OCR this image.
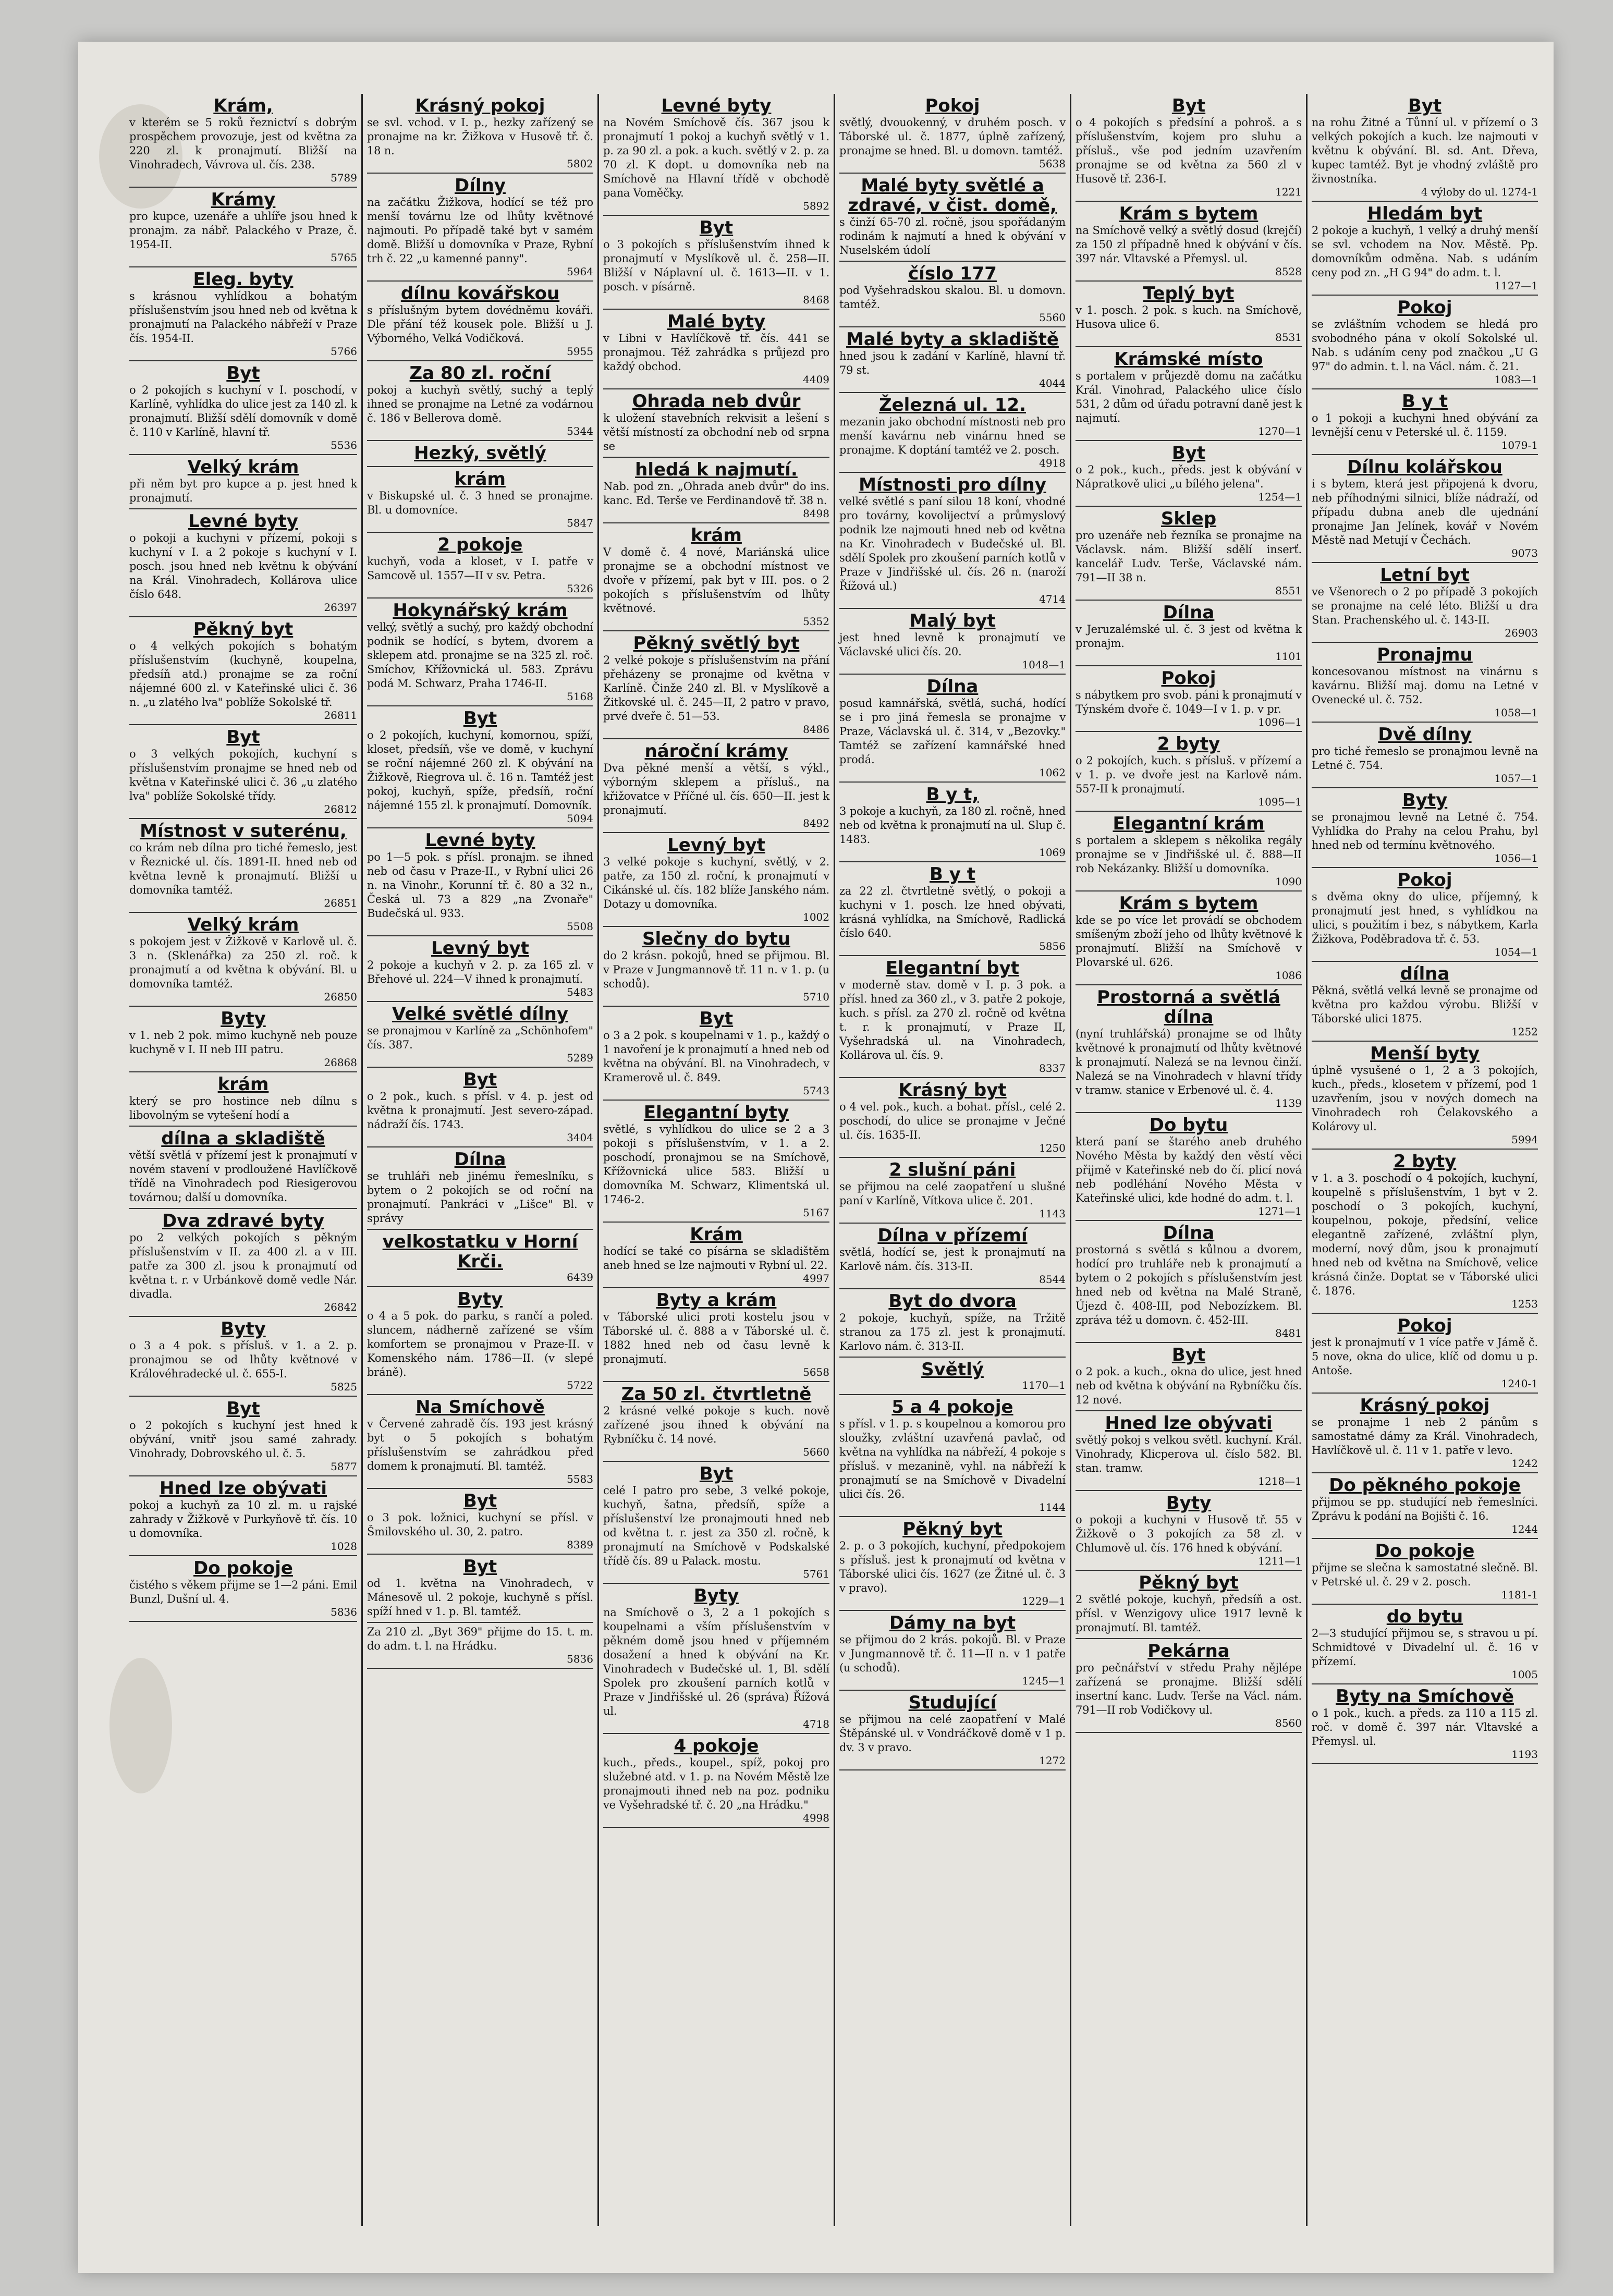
Krám,

v kterém se 5 roků řeznictví s dobrým prospěchem provozuje, jest od května za 220 zl. k pronajmutí. Bližší na Vinohradech, Vávrova ul. čís. 238.

5789
Krámy

pro kupce, uzenáře a uhlíře jsou hned k pronajm. za nábř. Palackého v Praze, č. 1954-II.

5765
Eleg. byty

s krásnou vyhlídkou a bohatým příslušenstvím jsou hned neb od května k pronajmutí na Palackého nábřeží v Praze čís. 1954-II.

5766
Byt

o 2 pokojích s kuchyní v I. poschodí, v Karlíně, vyhlídka do ulice jest za 140 zl. k pronajmutí. Bližší sdělí domovník v domě č. 110 v Karlíně, hlavní tř.

5536
Velký krám

při něm byt pro kupce a p. jest hned k pronajmutí.

Levné byty

o pokoji a kuchyni v přízemí, pokoji s kuchyní v I. a 2 pokoje s kuchyní v I. posch. jsou hned neb květnu k obývání na Král. Vinohradech, Kollárova ulice číslo 648.

26397
Pěkný byt

o 4 velkých pokojích s bohatým příslušenstvím (kuchyně, koupelna, předsíň atd.) pronajme se za roční nájemné 600 zl. v Kateřinské ulici č. 36 n. „u zlatého lva" poblíže Sokolské tř.

26811
Byt

o 3 velkých pokojích, kuchyní s příslušenstvím pronajme se hned neb od května v Kateřinské ulici č. 36 „u zlatého lva" poblíže Sokolské třídy.

26812
Místnost v suterénu,

co krám neb dílna pro tiché řemeslo, jest v Řeznické ul. čís. 1891-II. hned neb od května levně k pronajmutí. Bližší u domovníka tamtéž.

26851
Velký krám

s pokojem jest v Žižkově v Karlově ul. č. 3 n. (Sklenářka) za 250 zl. roč. k pronajmutí a od května k obývání. Bl. u domovníka tamtéž.

26850
Byty

v 1. neb 2 pok. mimo kuchyně neb pouze kuchyně v I. II neb III patru.

26868
krám

který se pro hostince neb dílnu s libovolným se vytešení hodí a

dílna a skladiště

větší světlá v přízemí jest k pronajmutí v novém stavení v prodloužené Havlíčkově třídě na Vinohradech pod Riesigerovou továrnou; další u domovníka.

Dva zdravé byty

po 2 velkých pokojích s pěkným příslušenstvím v II. za 400 zl. a v III. patře za 300 zl. jsou k pronajmutí od května t. r. v Urbánkově domě vedle Nár. divadla.

26842
Byty

o 3 a 4 pok. s přísluš. v 1. a 2. p. pronajmou se od lhůty květnové v Královéhradecké ul. č. 655-I.

5825
Byt

o 2 pokojích s kuchyní jest hned k obývání, vnitř jsou samé zahrady. Vinohrady, Dobrovského ul. č. 5.

5877
Hned lze obývati

pokoj a kuchyň za 10 zl. m. u rajské zahrady v Žižkově v Purkyňově tř. čís. 10 u domovníka.

1028
Do pokoje

čistého s věkem přijme se 1—2 páni. Emil Bunzl, Dušní ul. 4.

5836
Krásný pokoj

se svl. vchod. v I. p., hezky zařízený se pronajme na kr. Žižkova v Husově tř. č. 18 n.

5802
Dílny

na začátku Žižkova, hodící se též pro menší továrnu lze od lhůty květnové najmouti. Po případě také byt v samém domě. Bližší u domovníka v Praze, Rybní trh č. 22 „u kamenné panny".

5964
dílnu kovářskou

s příslušným bytem dovédněmu kováři. Dle přání též kousek pole. Bližší u J. Výborného, Velká Vodičková.

5955
Za 80 zl. roční

pokoj a kuchyň světlý, suchý a teplý ihned se pronajme na Letné za vodárnou č. 186 v Bellerova domě.

5344
Hezký, světlý

krám

v Biskupské ul. č. 3 hned se pronajme. Bl. u domovníce.

5847
2 pokoje

kuchyň, voda a kloset, v I. patře v Samcově ul. 1557—II v sv. Petra.

5326
Hokynářský krám

velký, světlý a suchý, pro každý obchodní podnik se hodící, s bytem, dvorem a sklepem atd. pronajme se na 325 zl. roč. Smíchov, Křížovnická ul. 583. Zprávu podá M. Schwarz, Praha 1746-II.

5168
Byt

o 2 pokojích, kuchyní, komornou, spíží, kloset, předsíň, vše ve domě, v kuchyní se roční nájemné 260 zl. K obývání na Žižkově, Riegrova ul. č. 16 n. Tamtéž jest pokoj, kuchyň, spíže, předsíň, roční nájemné 155 zl. k pronajmutí. Domovník.

5094
Levné byty

po 1—5 pok. s přísl. pronajm. se ihned neb od času v Praze-II., v Rybní ulici 26 n. na Vinohr., Korunní tř. č. 80 a 32 n., Česká ul. 73 a 829 „na Zvonaře" Budečská ul. 933.

5508
Levný byt

2 pokoje a kuchyň v 2. p. za 165 zl. v Břehové ul. 224—V ihned k pronajmutí.

5483
Velké světlé dílny

se pronajmou v Karlíně za „Schönhofem" čís. 387.

5289
Byt

o 2 pok., kuch. s přísl. v 4. p. jest od května k pronajmutí. Jest severo-západ. nádraží čís. 1743.

3404
Dílna

se truhláři neb jinému řemeslníku, s bytem o 2 pokojích se od roční na pronajmutí. Pankráci v „Lišce" Bl. v správy

velkostatku v Horní Krči.

6439
Byty

o 4 a 5 pok. do parku, s rančí a poled. sluncem, nádherně zařízené se vším komfortem se pronajmou v Praze-II. v Komenského nám. 1786—II. (v slepé bráně).

5722
Na Smíchově

v Červené zahradě čís. 193 jest krásný byt o 5 pokojích s bohatým příslušenstvím se zahrádkou před domem k pronajmutí. Bl. tamtéž.

5583
Byt

o 3 pok. ložnici, kuchyní se přísl. v Šmilovského ul. 30, 2. patro.

8389
Byt

od 1. května na Vinohradech, v Mánesově ul. 2 pokoje, kuchyně s přísl. spíží hned v 1. p. Bl. tamtéž.

Za 210 zl. „Byt 369" přijme do 15. t. m. do adm. t. l. na Hrádku.

5836
Levné byty

na Novém Smíchově čís. 367 jsou k pronajmutí 1 pokoj a kuchyň světlý v 1. p. za 90 zl. a pok. a kuch. světlý v 2. p. za 70 zl. K dopt. u domovníka neb na Smíchově na Hlavní třídě v obchodě pana Voměčky.

5892
Byt

o 3 pokojích s příslušenstvím ihned k pronajmutí v Myslíkově ul. č. 258—II. Bližší v Náplavní ul. č. 1613—II. v 1. posch. v písárně.

8468
Malé byty

v Libni v Havlíčkově tř. čís. 441 se pronajmou. Též zahrádka s průjezd pro každý obchod.

4409
Ohrada neb dvůr

k uložení stavebních rekvisit a lešení s větší místností za obchodní neb od srpna se

hledá k najmutí.

Nab. pod zn. „Ohrada aneb dvůr" do ins. kanc. Ed. Terše ve Ferdinandově tř. 38 n.

8498
krám

V domě č. 4 nové, Mariánská ulice pronajme se a obchodní místnost ve dvoře v přízemí, pak byt v III. pos. o 2 pokojích s příslušenstvím od lhůty květnové.

5352
Pěkný světlý byt

2 velké pokoje s příslušenstvím na přání přeházeny se pronajme od května v Karlíně. Činže 240 zl. Bl. v Myslíkově a Žitkovské ul. č. 245—II, 2 patro v pravo, prvé dveře č. 51—53.

8486
nároční krámy

Dva pěkné menší a větší, s výkl., výborným sklepem a přísluš., na křižovatce v Příčné ul. čís. 650—II. jest k pronajmutí.

8492
Levný byt

3 velké pokoje s kuchyní, světlý, v 2. patře, za 150 zl. roční, k pronajmutí v Cikánské ul. čís. 182 blíže Janského nám. Dotazy u domovníka.

1002
Slečny do bytu

do 2 krásn. pokojů, hned se přijmou. Bl. v Praze v Jungmannově tř. 11 n. v 1. p. (u schodů).

5710
Byt

o 3 a 2 pok. s koupelnami v 1. p., každý o 1 navoření je k pronajmutí a hned neb od května na obývání. Bl. na Vinohradech, v Kramerově ul. č. 849.

5743
Elegantní byty

světlé, s vyhlídkou do ulice se 2 a 3 pokoji s příslušenstvím, v 1. a 2. poschodí, pronajmou se na Smíchově, Křížovnická ulice 583. Bližší u domovníka M. Schwarz, Klimentská ul. 1746-2.

5167
Krám

hodící se také co písárna se skladištěm aneb hned se lze najmouti v Rybní ul. 22.

4997
Byty a krám

v Táborské ulici proti kostelu jsou v Táborské ul. č. 888 a v Táborské ul. č. 1882 hned neb od času levně k pronajmutí.

5658
Za 50 zl. čtvrtletně

2 krásné velké pokoje s kuch. nově zařízené jsou ihned k obývání na Rybníčku č. 14 nové.

5660
Byt

celé I patro pro sebe, 3 velké pokoje, kuchyň, šatna, předsíň, spíže a příslušenství lze pronajmouti hned neb od května t. r. jest za 350 zl. ročně, k pronajmutí na Smíchově v Podskalské třídě čís. 89 u Palack. mostu.

5761
Byty

na Smíchově o 3, 2 a 1 pokojích s koupelnami a vším příslušenstvím v pěkném domě jsou hned v příjemném dosažení a hned k obývání na Kr. Vinohradech v Budečské ul. 1, Bl. sdělí Spolek pro zkoušení parních kotlů v Praze v Jindřišské ul. 26 (správa) Řížová ul.

4718
4 pokoje

kuch., předs., koupel., spíž, pokoj pro služebné atd. v 1. p. na Novém Městě lze pronajmouti ihned neb na poz. podniku ve Vyšehradské tř. č. 20 „na Hrádku."

4998
Pokoj

světlý, dvouokenný, v druhém posch. v Táborské ul. č. 1877, úplně zařízený, pronajme se hned. Bl. u domovn. tamtéž.

5638
Malé byty světlé a zdravé, v čist. domě,

s činží 65-70 zl. ročně, jsou spořádaným rodinám k najmutí a hned k obývání v Nuselském údolí

číslo 177

pod Vyšehradskou skalou. Bl. u domovn. tamtéž.

5560
Malé byty a skladiště

hned jsou k zadání v Karlíně, hlavní tř. 79 st.

4044
Železná ul. 12.

mezanin jako obchodní místnosti neb pro menší kavárnu neb vinárnu hned se pronajme. K doptání tamtéž ve 2. posch.

4918
Místnosti pro dílny

velké světlé s paní silou 18 koní, vhodné pro továrny, kovolijectví a průmyslový podnik lze najmouti hned neb od května na Kr. Vinohradech v Budečské ul. Bl. sdělí Spolek pro zkoušení parních kotlů v Praze v Jindřišské ul. čís. 26 n. (naroží Řížová ul.)

4714
Malý byt

jest hned levně k pronajmutí ve Václavské ulici čís. 20.

1048—1
Dílna

posud kamnářská, světlá, suchá, hodící se i pro jiná řemesla se pronajme v Praze, Václavská ul. č. 314, v „Bezovky." Tamtéž se zařízení kamnářské hned prodá.

1062
B y t,

3 pokoje a kuchyň, za 180 zl. ročně, hned neb od května k pronajmutí na ul. Slup č. 1483.

1069
B y t

za 22 zl. čtvrtletně světlý, o pokoji a kuchyni v 1. posch. lze hned obývati, krásná vyhlídka, na Smíchově, Radlická číslo 640.

5856
Elegantní byt

v moderně stav. domě v I. p. 3 pok. a přísl. hned za 360 zl., v 3. patře 2 pokoje, kuch. s přísl. za 270 zl. ročně od května t. r. k pronajmutí, v Praze II, Vyšehradská ul. na Vinohradech, Kollárova ul. čís. 9.

8337
Krásný byt

o 4 vel. pok., kuch. a bohat. přísl., celé 2. poschodí, do ulice se pronajme v Ječné ul. čís. 1635-II.

1250
2 slušní páni

se přijmou na celé zaopatření u slušné paní v Karlíně, Vítkova ulice č. 201.

1143
Dílna v přízemí

světlá, hodící se, jest k pronajmutí na Karlově nám. čís. 313-II.

8544
Byt do dvora

2 pokoje, kuchyň, spíže, na Tržitě stranou za 175 zl. jest k pronajmutí. Karlovo nám. č. 313-II.

Světlý

1170—1
5 a 4 pokoje

s přísl. v 1. p. s koupelnou a komorou pro sloužky, zvláštní uzavřená pavlač, od května na vyhlídka na nábřeží, 4 pokoje s přísluš. v mezanině, vyhl. na nábřeží k pronajmutí se na Smíchově v Divadelní ulici čís. 26.

1144
Pěkný byt

2. p. o 3 pokojích, kuchyní, předpokojem s přísluš. jest k pronajmutí od května v Táborské ulici čís. 1627 (ze Žitné ul. č. 3 v pravo).

1229—1
Dámy na byt

se přijmou do 2 krás. pokojů. Bl. v Praze v Jungmannově tř. č. 11—II n. v 1 patře (u schodů).

1245—1
Studující

se přijmou na celé zaopatření v Malé Štěpánské ul. v Vondráčkově domě v 1 p. dv. 3 v pravo.

1272
Byt

o 4 pokojích s předsíní a pohroš. a s příslušenstvím, kojem pro sluhu a přísluš., vše pod jedním uzavřením pronajme se od května za 560 zl v Husově tř. 236-I.

1221
Krám s bytem

na Smíchově velký a světlý dosud (krejčí) za 150 zl případně hned k obývání v čís. 397 nár. Vltavské a Přemysl. ul.

8528
Teplý byt

v 1. posch. 2 pok. s kuch. na Smíchově, Husova ulice 6.

8531
Krámské místo

s portalem v průjezdě domu na začátku Král. Vinohrad, Palackého ulice číslo 531, 2 dům od úřadu potravní daně jest k najmutí.

1270—1
Byt

o 2 pok., kuch., předs. jest k obývání v Nápratkově ulici „u bílého jelena".

1254—1
Sklep

pro uzenáře neb řezníka se pronajme na Václavsk. nám. Bližší sdělí inserť. kancelář Ludv. Terše, Václavské nám. 791—II 38 n.

8551
Dílna

v Jeruzalémské ul. č. 3 jest od května k pronajm.

1101
Pokoj

s nábytkem pro svob. páni k pronajmutí v Týnském dvoře č. 1049—I v 1. p. v pr.

1096—1
2 byty

o 2 pokojích, kuch. s přísluš. v přízemí a v 1. p. ve dvoře jest na Karlově nám. 557-II k pronajmutí.

1095—1
Elegantní krám

s portalem a sklepem s několika regály pronajme se v Jindřišské ul. č. 888—II rob Nekázanky. Bližší u domovníka.

1090
Krám s bytem

kde se po více let provádí se obchodem smíšeným zboží jeho od lhůty květnové k pronajmutí. Bližší na Smíchově v Plovarské ul. 626.

1086
Prostorná a světlá dílna

(nyní truhlářská) pronajme se od lhůty květnové k pronajmutí od lhůty květnové k pronajmutí. Nalezá se na levnou činží. Nalezá se na Vinohradech v hlavní třídy v tramw. stanice v Erbenové ul. č. 4.

1139
Do bytu

která paní se štarého aneb druhého Nového Města by každý den věstí věci přijmě v Kateřinské neb do čí. plicí nová neb podléhání Nového Města v Kateřinské ulici, kde hodné do adm. t. l.

1271—1
Dílna

prostorná s světlá s kůlnou a dvorem, hodící pro truhláře neb k pronajmutí a bytem o 2 pokojích s příslušenstvím jest hned neb od května na Malé Straně, Újezd č. 408-III, pod Nebozízkem. Bl. zpráva též u domovn. č. 452-III.

8481
Byt

o 2 pok. a kuch., okna do ulice, jest hned neb od května k obývání na Rybníčku čís. 12 nové.

Hned lze obývati

světlý pokoj s velkou světl. kuchyní. Král. Vinohrady, Klicperova ul. číslo 582. Bl. stan. tramw.

1218—1
Byty

o pokoji a kuchyni v Husově tř. 55 v Žižkově o 3 pokojích za 58 zl. v Chlumově ul. čís. 176 hned k obývání.

1211—1
Pěkný byt

2 světlé pokoje, kuchyň, předsíň a ost. přísl. v Wenzigovy ulice 1917 levně k pronajmutí. Bl. tamtéž.

Pekárna

pro pečnářství v středu Prahy nějlépe zařízená se pronajme. Bližší sdělí insertní kanc. Ludv. Terše na Václ. nám. 791—II rob Vodičkovy ul.

8560
Byt

na rohu Žitné a Tůnní ul. v přízemí o 3 velkých pokojích a kuch. lze najmouti v květnu k obývání. Bl. sd. Ant. Dřeva, kupec tamtéž. Byt je vhodný zvláště pro živnostníka.

4 výloby do ul. 1274-1
Hledám byt

2 pokoje a kuchyň, 1 velký a druhý menší se svl. vchodem na Nov. Městě. Pp. domovníkům odměna. Nab. s udáním ceny pod zn. „H G 94" do adm. t. l.

1127—1
Pokoj

se zvláštním vchodem se hledá pro svobodného pána v okolí Sokolské ul. Nab. s udáním ceny pod značkou „U G 97" do admin. t. l. na Václ. nám. č. 21.

1083—1
B y t

o 1 pokoji a kuchyni hned obývání za levnější cenu v Peterské ul. č. 1159.

1079-1
Dílnu kolářskou

i s bytem, která jest připojená k dvoru, neb příhodnými silnici, blíže nádraží, od případu dubna aneb dle ujednání pronajme Jan Jelínek, kovář v Novém Městě nad Metují v Čechách.

9073
Letní byt

ve Všenorech o 2 po případě 3 pokojích se pronajme na celé léto. Bližší u dra Stan. Prachenského ul. č. 143-II.

26903
Pronajmu

koncesovanou místnost na vinárnu s kavárnu. Bližší maj. domu na Letné v Ovenecké ul. č. 752.

1058—1
Dvě dílny

pro tiché řemeslo se pronajmou levně na Letné č. 754.

1057—1
Byty

se pronajmou levně na Letné č. 754. Vyhlídka do Prahy na celou Prahu, byl hned neb od termínu květnového.

1056—1
Pokoj

s dvěma okny do ulice, příjemný, k pronajmutí jest hned, s vyhlídkou na ulici, s použitím i bez, s nábytkem, Karla Žižkova, Poděbradova tř. č. 53.

1054—1
dílna

Pěkná, světlá velká levně se pronajme od května pro každou výrobu. Bližší v Táborské ulici 1875.

1252
Menší byty

úplně vysušené o 1, 2 a 3 pokojích, kuch., předs., klosetem v přízemí, pod 1 uzavřením, jsou v nových domech na Vinohradech roh Čelakovského a Kolárovy ul.

5994
2 byty

v 1. a 3. poschodí o 4 pokojích, kuchyní, koupelně s příslušenstvím, 1 byt v 2. poschodí o 3 pokojích, kuchyní, koupelnou, pokoje, předsíní, velice elegantně zařízené, zvláštní plyn, moderní, nový dům, jsou k pronajmutí hned neb od května na Smíchově, velice krásná činže. Doptat se v Táborské ulici č. 1876.

1253
Pokoj

jest k pronajmutí v 1 více patře v Jámě č. 5 nove, okna do ulice, klíč od domu u p. Antoše.

1240-1
Krásný pokoj

se pronajme 1 neb 2 pánům s samostatné dámy za Král. Vinohradech, Havlíčkově ul. č. 11 v 1. patře v levo.

1242
Do pěkného pokoje

přijmou se pp. studující neb řemeslníci. Zprávu k podání na Bojišti č. 16.

1244
Do pokoje

přijme se slečna k samostatné slečně. Bl. v Petrské ul. č. 29 v 2. posch.

1181-1
do bytu

2—3 studující přijmou se, s stravou u pí. Schmidtové v Divadelní ul. č. 16 v přízemí.

1005
Byty na Smíchově

o 1 pok., kuch. a předs. za 110 a 115 zl. roč. v domě č. 397 nár. Vltavské a Přemysl. ul.

1193
